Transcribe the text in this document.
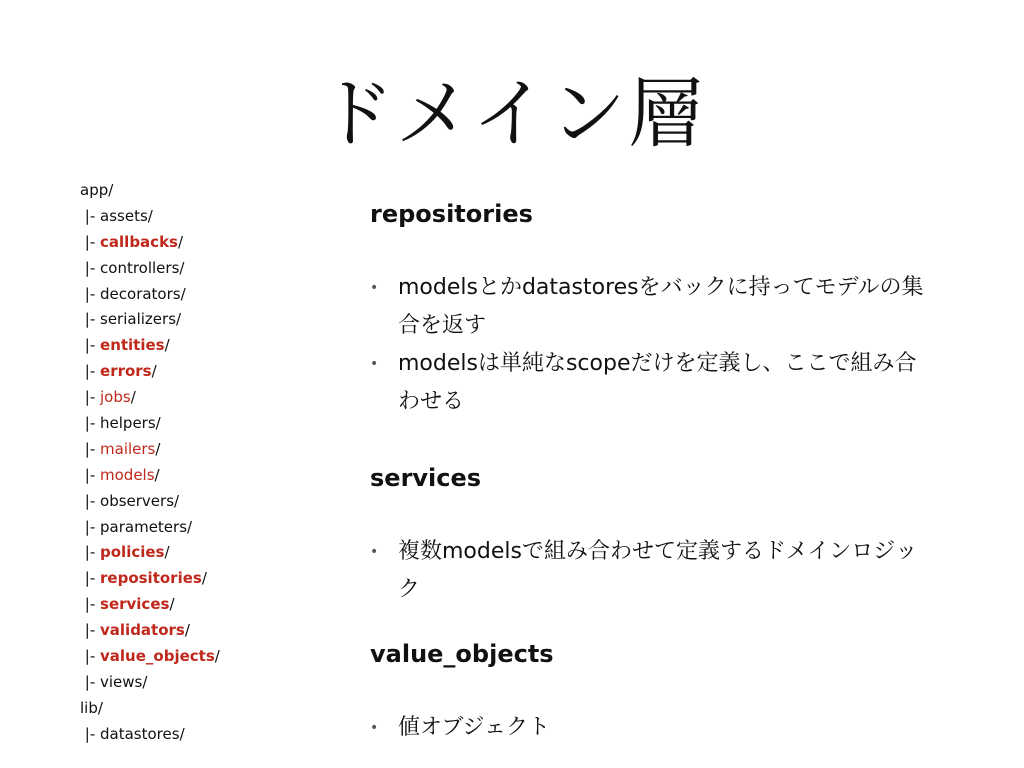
ドメイン層
app/
|- assets/
|- callbacks/
|- controllers/
|- decorators/
|- serializers/
|- entities/
|- errors/
|- jobs/
|- helpers/
|- mailers/
|- models/
|- observers/
|- parameters/
|- policies/
|- repositories/
|- services/
|- validators/
|- value_objects/
|- views/
lib/
|- datastores/
repositories
• modelsとかdatastoresをバックに持ってモデルの集合を返す
• modelsは単純なscopeだけを定義し、ここで組み合わせる
services
• 複数modelsで組み合わせて定義するドメインロジック
value_objects
• 値オブジェクト
